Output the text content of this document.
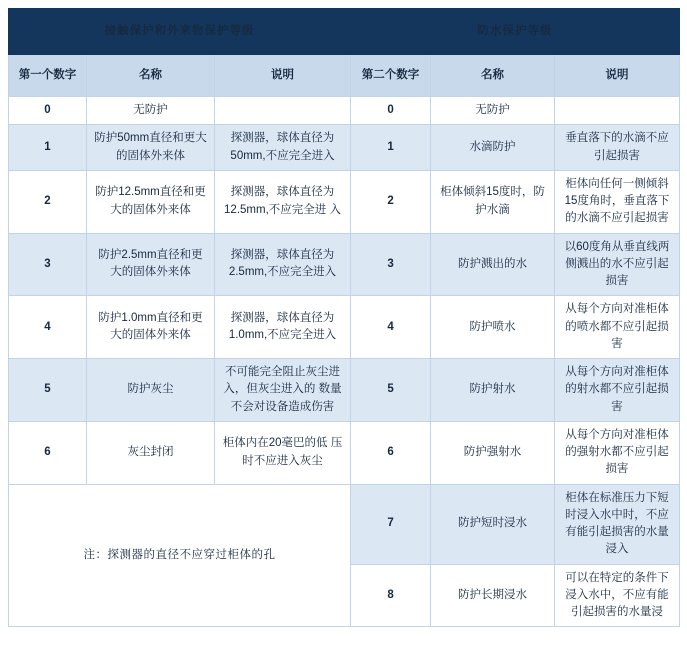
接触保护和外来物保护等级			防水保护等级		
第一个数字	名称	说明	第二个数字	名称	说明
0	无防护		0	无防护	
1	防护50mm直径和更大的固体外来体	探测器，球体直径为50mm,不应完全进入	1	水滴防护	垂直落下的水滴不应引起损害
2	防护12.5mm直径和更大的固体外来体	探测器，球体直径为12.5mm,不应完全进 入	2	柜体倾斜15度时，防护水滴	柜体向任何一侧倾斜15度角时，垂直落下的水滴不应引起损害
3	防护2.5mm直径和更大的固体外来体	探测器，球体直径为2.5mm,不应完全进入	3	防护溅出的水	以60度角从垂直线两侧溅出的水不应引起损害
4	防护1.0mm直径和更大的固体外来体	探测器，球体直径为1.0mm,不应完全进入	4	防护喷水	从每个方向对准柜体的喷水都不应引起损害
5	防护灰尘	不可能完全阻止灰尘进入，但灰尘进入的 数量不会对设备造成伤害	5	防护射水	从每个方向对准柜体的射水都不应引起损害
6	灰尘封闭	柜体内在20毫巴的低 压时不应进入灰尘	6	防护强射水	从每个方向对准柜体的强射水都不应引起损害
注：探测器的直径不应穿过柜体的孔			7	防护短时浸水	柜体在标准压力下短时浸入水中时，不应有能引起损害的水量浸入
			8	防护长期浸水	可以在特定的条件下浸入水中，不应有能引起损害的水量浸
